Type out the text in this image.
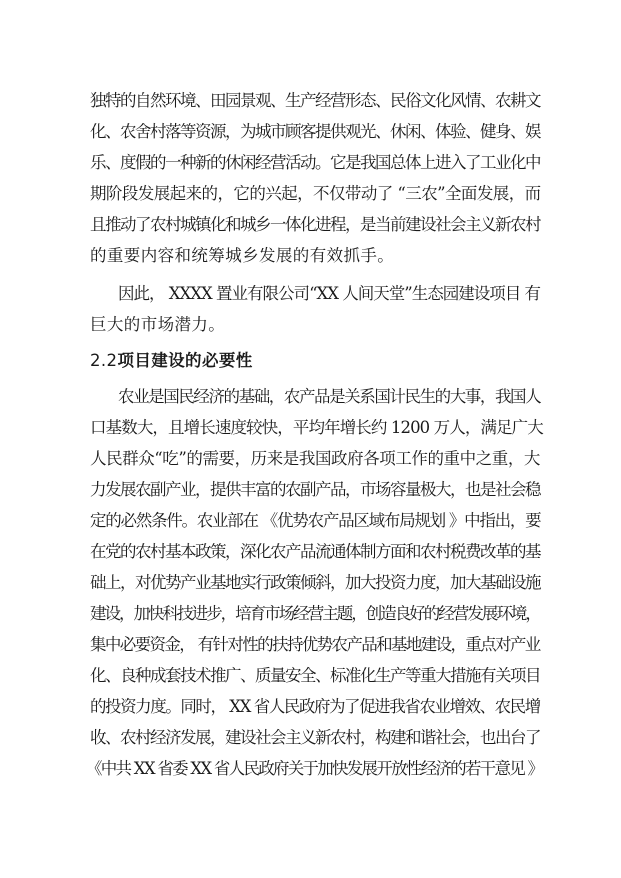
独特的自然环境、田园景观、生产经营形态、民俗文化风情、农耕文
化、农舍村落等资源，为城市顾客提供观光、休闲、体验、健身、娱
乐、度假的一种新的休闲经营活动。它是我国总体上进入了工业化中
期阶段发展起来的，它的兴起，不仅带动了 “三农”全面发展，而
且推动了农村城镇化和城乡一体化进程，是当前建设社会主义新农村
的重要内容和统筹城乡发展的有效抓手。
因此， XXXX 置业有限公司“XX 人间天堂”生态园建设项目 有
巨大的市场潜力。
2.2项目建设的必要性
农业是国民经济的基础，农产品是关系国计民生的大事，我国人
口基数大，且增长速度较快，平均年增长约 1200 万人，满足广大
人民群众“吃”的需要，历来是我国政府各项工作的重中之重，大
力发展农副产业，提供丰富的农副产品，市场容量极大，也是社会稳
定的必然条件。农业部在 《优势农产品区域布局规划 》中指出，要
在党的农村基本政策，深化农产品流通体制方面和农村税费改革的基
础上，对优势产业基地实行政策倾斜，加大投资力度，加大基础设施
建设，加快科技进步，培育市场经营主题，创造良好的经营发展环境，
集中必要资金， 有针对性的扶持优势农产品和基地建设，重点对产业
化、良种成套技术推广、质量安全、标准化生产等重大措施有关项目
的投资力度。同时， XX 省人民政府为了促进我省农业增效、农民增
收、农村经济发展，建设社会主义新农村，构建和谐社会，也出台了
《中共 XX 省委 XX 省人民政府关于加快发展开放性经济的若干意见 》
